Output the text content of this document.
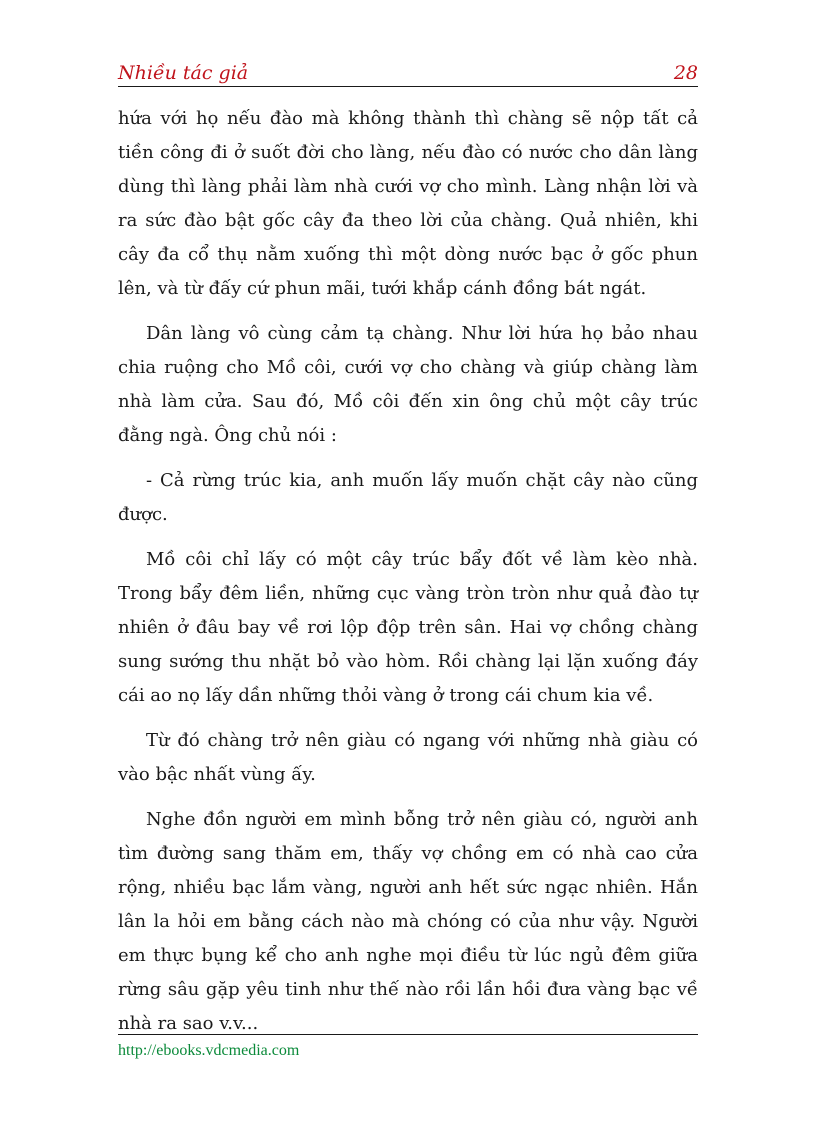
Nhiều tác giả	28

hứa với họ nếu đào mà không thành thì chàng sẽ nộp tất cả tiền công đi ở suốt đời cho làng, nếu đào có nước cho dân làng dùng thì làng phải làm nhà cưới vợ cho mình. Làng nhận lời và ra sức đào bật gốc cây đa theo lời của chàng. Quả nhiên, khi cây đa cổ thụ nằm xuống thì một dòng nước bạc ở gốc phun lên, và từ đấy cứ phun mãi, tưới khắp cánh đồng bát ngát.

Dân làng vô cùng cảm tạ chàng. Như lời hứa họ bảo nhau chia ruộng cho Mồ côi, cưới vợ cho chàng và giúp chàng làm nhà làm cửa. Sau đó, Mồ côi đến xin ông chủ một cây trúc đằng ngà. Ông chủ nói :

- Cả rừng trúc kia, anh muốn lấy muốn chặt cây nào cũng được.

Mồ côi chỉ lấy có một cây trúc bẩy đốt về làm kèo nhà. Trong bẩy đêm liền, những cục vàng tròn tròn như quả đào tự nhiên ở đâu bay về rơi lộp độp trên sân. Hai vợ chồng chàng sung sướng thu nhặt bỏ vào hòm. Rồi chàng lại lặn xuống đáy cái ao nọ lấy dần những thỏi vàng ở trong cái chum kia về.

Từ đó chàng trở nên giàu có ngang với những nhà giàu có vào bậc nhất vùng ấy.

Nghe đồn người em mình bỗng trở nên giàu có, người anh tìm đường sang thăm em, thấy vợ chồng em có nhà cao cửa rộng, nhiều bạc lắm vàng, người anh hết sức ngạc nhiên. Hắn lân la hỏi em bằng cách nào mà chóng có của như vậy. Người em thực bụng kể cho anh nghe mọi điều từ lúc ngủ đêm giữa rừng sâu gặp yêu tinh như thế nào rồi lần hồi đưa vàng bạc về nhà ra sao v.v...

http://ebooks.vdcmedia.com
